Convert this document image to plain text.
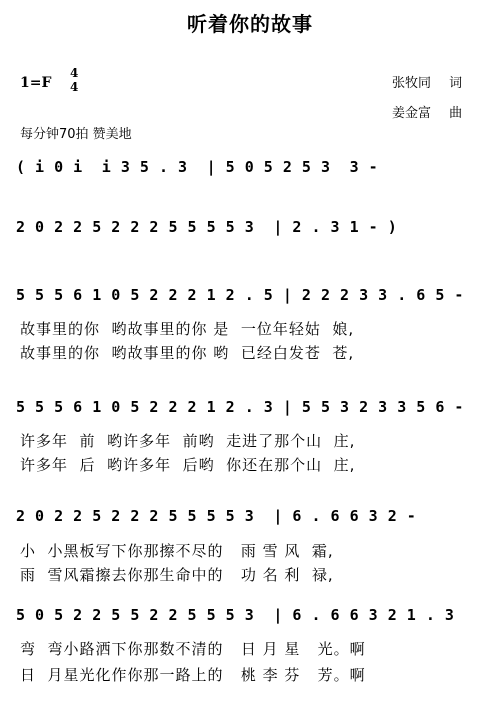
听着你的故事
1=F
4
4	张牧同 词
姜金富 曲
每分钟70拍 赞美地
( i 0 i  i 3 5 . 3  | 5 0 5 2 5 3  3 -
2 0 2 2 5 2 2 2 5 5 5 5 3  | 2 . 3 1 - )
5 5 5 6 1 0 5 2 2 2 1 2 . 5 | 2 2 2 3 3 . 6 5 -
故事里的你  哟故事里的你 是  一位年轻姑  娘,
故事里的你  哟故事里的你 哟  已经白发苍  苍,
5 5 5 6 1 0 5 2 2 2 1 2 . 3 | 5 5 3 2 3 3 5 6 -
许多年  前  哟许多年  前哟  走进了那个山  庄,
许多年  后  哟许多年  后哟  你还在那个山  庄,
2 0 2 2 5 2 2 2 5 5 5 5 3  | 6 . 6 6 3 2 -
小  小黑板写下你那擦不尽的   雨 雪 风  霜,
雨  雪风霜擦去你那生命中的   功 名 利  禄,
5 0 5 2 2 5 5 2 2 5 5 5 3  | 6 . 6 6 3 2 1 . 3
弯  弯小路洒下你那数不清的   日 月 星   光。啊
日  月星光化作你那一路上的   桃 李 芬   芳。啊
